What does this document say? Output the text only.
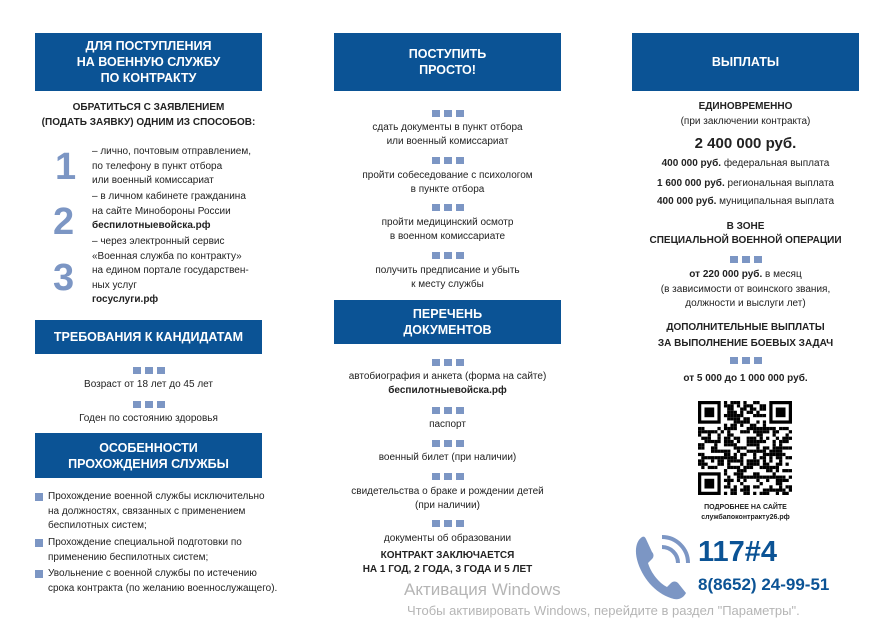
ДЛЯ ПОСТУПЛЕНИЯ
НА ВОЕННУЮ СЛУЖБУ
ПО КОНТРАКТУ
ОБРАТИТЬСЯ С ЗАЯВЛЕНИЕМ
(ПОДАТЬ ЗАЯВКУ) ОДНИМ ИЗ СПОСОБОВ:
1 – лично, почтовым отправлением,
по телефону в пункт отбора
или военный комиссариат
2
– в личном кабинете гражданина
на сайте Минобороны России
беспилотныевойска.рф
3
– через электронный сервис
«Военная служба по контракту»
на едином портале государствен-
ных услуг
госуслуги.рф
ТРЕБОВАНИЯ К КАНДИДАТАМ
Возраст от 18 лет до 45 лет
Годен по состоянию здоровья
ОСОБЕННОСТИ
ПРОХОЖДЕНИЯ СЛУЖБЫ
Прохождение военной службы исключительно
на должностях, связанных с применением
беспилотных систем;
Прохождение специальной подготовки по
применению беспилотных систем;
Увольнение с военной службы по истечению
срока контракта (по желанию военнослужащего).
ПОСТУПИТЬ
ПРОСТО!
сдать документы в пункт отбора
или военный комиссариат
пройти собеседование с психологом
в пункте отбора
пройти медицинский осмотр
в военном комиссариате
получить предписание и убыть
к месту службы
ПЕРЕЧЕНЬ
ДОКУМЕНТОВ
автобиография и анкета (форма на сайте)
беспилотныевойска.рф
паспорт
военный билет (при наличии)
свидетельства о браке и рождении детей
(при наличии)
документы об образовании
КОНТРАКТ ЗАКЛЮЧАЕТСЯ
НА 1 ГОД, 2 ГОДА, 3 ГОДА И 5 ЛЕТ
ВЫПЛАТЫ
ЕДИНОВРЕМЕННО
(при заключении контракта)
2 400 000 руб.
400 000 руб. федеральная выплата
1 600 000 руб. региональная выплата
400 000 руб. муниципальная выплата
В ЗОНЕ
СПЕЦИАЛЬНОЙ ВОЕННОЙ ОПЕРАЦИИ
от 220 000 руб. в месяц
(в зависимости от воинского звания,
должности и выслуги лет)
ДОПОЛНИТЕЛЬНЫЕ ВЫПЛАТЫ
ЗА ВЫПОЛНЕНИЕ БОЕВЫХ ЗАДАЧ
от 5 000 до 1 000 000 руб.
ПОДРОБНЕЕ НА САЙТЕ
службапоконтракту26.рф
117#4
8(8652) 24-99-51
Активация Windows
Чтобы активировать Windows, перейдите в раздел "Параметры".
